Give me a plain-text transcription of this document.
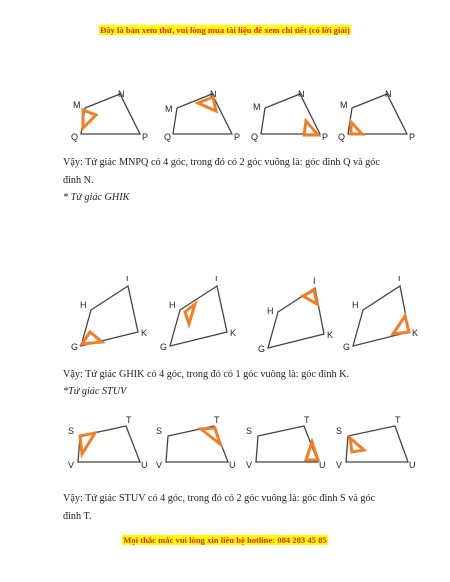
Đây là bản xem thử, vui lòng mua tài liệu để xem chi tiết (có lời giải)
M
N
P
Q
M
N
P
Q
M
N
P
Q
M
N
P
Q
Vậy: Tứ giác MNPQ có 4 góc, trong đó có 2 góc vuông là: góc đỉnh Q và góc đỉnh N.
* Tứ giác GHIK
H
I
K
G
H
I
K
G
H
I
K
G
H
I
K
G
Vậy: Tứ giác GHIK có 4 góc, trong đó có 1 góc vuông là: góc đỉnh K.
*Tứ giác STUV
S
T
U
V
S
T
U
V
S
T
U
V
S
T
U
V
Vậy: Tứ giác STUV có 4 góc, trong đó có 2 góc vuông là: góc đỉnh S và góc đỉnh T.
Mọi thắc mắc vui lòng xin liên hệ hotline: 084 283 45 85
